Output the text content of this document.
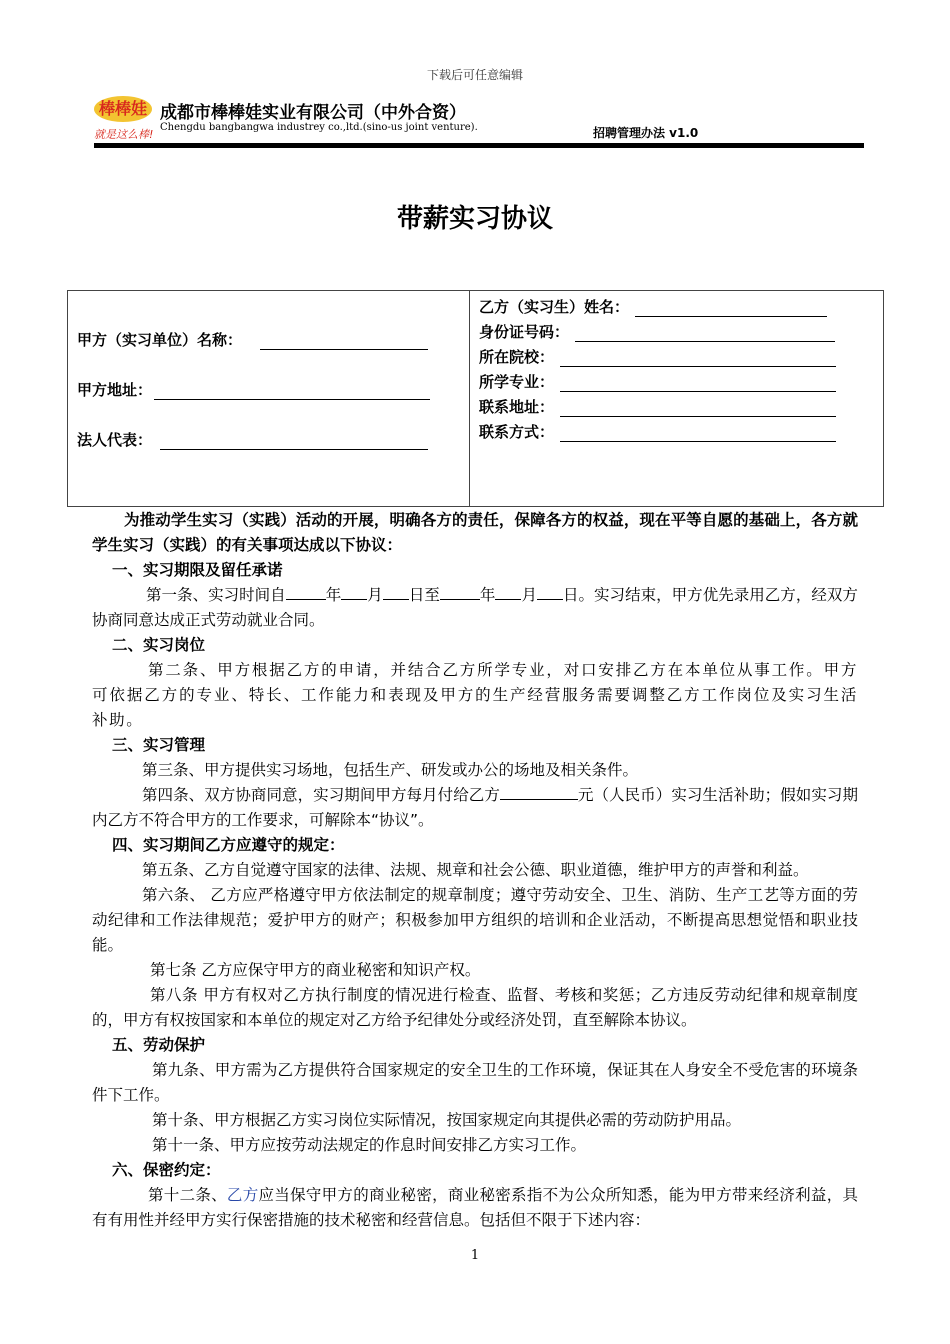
下载后可任意编辑
棒棒娃
就是这么棒!
成都市棒棒娃实业有限公司（中外合资）
Chengdu bangbangwa industrey co.,ltd.(sino-us joint venture).	招聘管理办法 v1.0
带薪实习协议
甲方（实习单位）名称：
甲方地址：
法人代表：
乙方（实习生）姓名：
身份证号码：
所在院校：
所学专业：
联系地址：
联系方式：

为推动学生实习（实践）活动的开展，明确各方的责任，保障各方的权益，现在平等自愿的基础上，各方就学生实习（实践）的有关事项达成以下协议：

一、实习期限及留任承诺

第一条、实习时间自	年 月 日至	年 月 日。实习结束，甲方优先录用乙方，经双方协商同意达成正式劳动就业合同。

二、实习岗位

第二条、甲方根据乙方的申请，并结合乙方所学专业，对口安排乙方在本单位从事工作。甲方可依据乙方的专业、特长、工作能力和表现及甲方的生产经营服务需要调整乙方工作岗位及实习生活补助。

三、实习管理

第三条、甲方提供实习场地，包括生产、研发或办公的场地及相关条件。

第四条、双方协商同意，实习期间甲方每月付给乙方	元（人民币）实习生活补助；假如实习期内乙方不符合甲方的工作要求，可解除本“协议”。

四、实习期间乙方应遵守的规定：

第五条、乙方自觉遵守国家的法律、法规、规章和社会公德、职业道德，维护甲方的声誉和利益。

第六条、 乙方应严格遵守甲方依法制定的规章制度；遵守劳动安全、卫生、消防、生产工艺等方面的劳动纪律和工作法律规范；爱护甲方的财产；积极参加甲方组织的培训和企业活动，不断提高思想觉悟和职业技能。

第七条 乙方应保守甲方的商业秘密和知识产权。

第八条 甲方有权对乙方执行制度的情况进行检查、监督、考核和奖惩；乙方违反劳动纪律和规章制度的，甲方有权按国家和本单位的规定对乙方给予纪律处分或经济处罚，直至解除本协议。

五、劳动保护

第九条、甲方需为乙方提供符合国家规定的安全卫生的工作环境，保证其在人身安全不受危害的环境条件下工作。

第十条、甲方根据乙方实习岗位实际情况，按国家规定向其提供必需的劳动防护用品。

第十一条、甲方应按劳动法规定的作息时间安排乙方实习工作。

六、保密约定：

第十二条、乙方应当保守甲方的商业秘密，商业秘密系指不为公众所知悉，能为甲方带来经济利益，具有有用性并经甲方实行保密措施的技术秘密和经营信息。包括但不限于下述内容：

1
